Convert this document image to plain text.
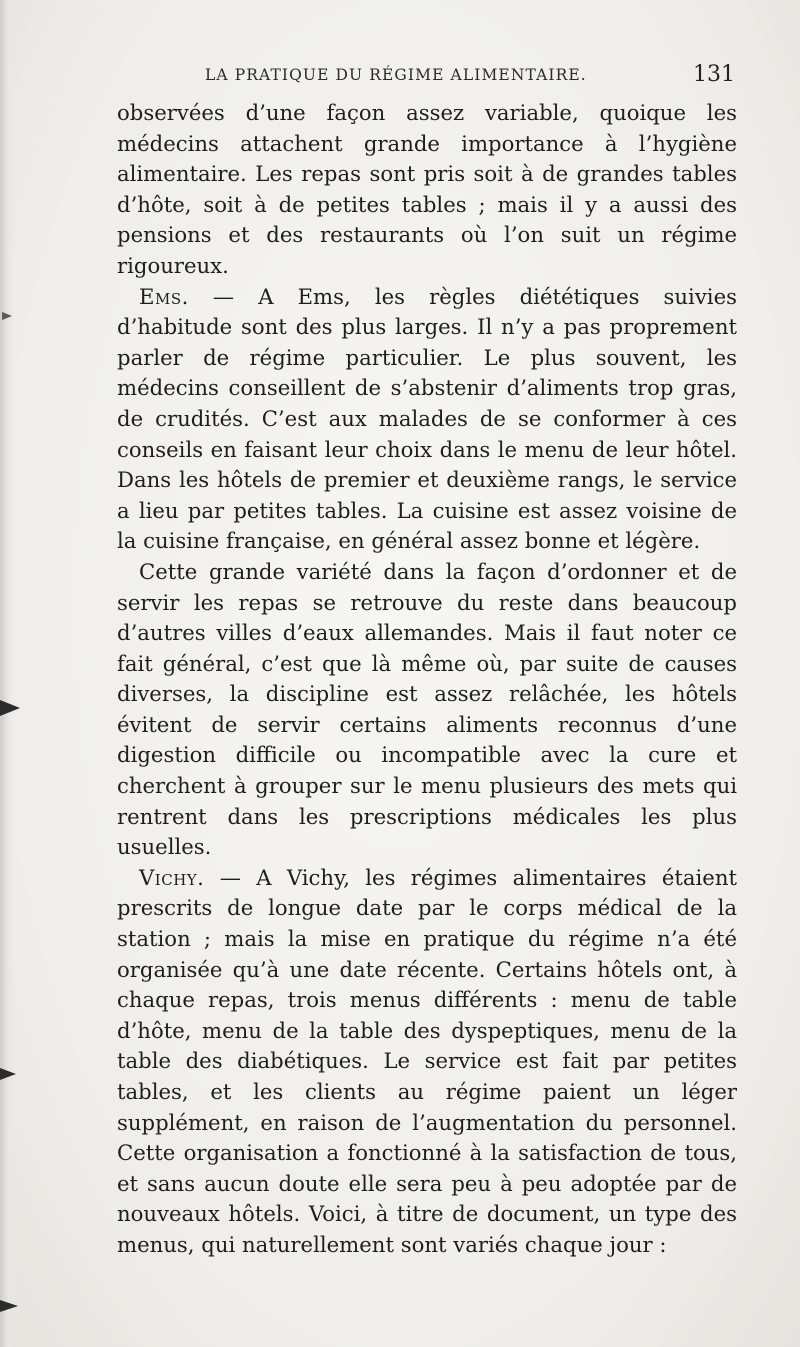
LA PRATIQUE DU RÉGIME ALIMENTAIRE.	131

observées d’une façon assez variable, quoique les médecins attachent grande importance à l’hygiène alimentaire. Les repas sont pris soit à de grandes tables d’hôte, soit à de petites tables ; mais il y a aussi des pensions et des restaurants où l’on suit un régime rigoureux.

Ems. — A Ems, les règles diététiques suivies d’habitude sont des plus larges. Il n’y a pas proprement parler de régime particulier. Le plus souvent, les médecins conseillent de s’abstenir d’aliments trop gras, de crudités. C’est aux malades de se conformer à ces conseils en faisant leur choix dans le menu de leur hôtel. Dans les hôtels de premier et deuxième rangs, le service a lieu par petites tables. La cuisine est assez voisine de la cuisine française, en général assez bonne et légère.

Cette grande variété dans la façon d’ordonner et de servir les repas se retrouve du reste dans beaucoup d’autres villes d’eaux allemandes. Mais il faut noter ce fait général, c’est que là même où, par suite de causes diverses, la discipline est assez relâchée, les hôtels évitent de servir certains aliments reconnus d’une digestion difficile ou incompatible avec la cure et cherchent à grouper sur le menu plusieurs des mets qui rentrent dans les prescriptions médicales les plus usuelles.

Vichy. — A Vichy, les régimes alimentaires étaient prescrits de longue date par le corps médical de la station ; mais la mise en pratique du régime n’a été organisée qu’à une date récente. Certains hôtels ont, à chaque repas, trois menus différents : menu de table d’hôte, menu de la table des dyspeptiques, menu de la table des diabétiques. Le service est fait par petites tables, et les clients au régime paient un léger supplément, en raison de l’augmentation du personnel. Cette organisation a fonctionné à la satisfaction de tous, et sans aucun doute elle sera peu à peu adoptée par de nouveaux hôtels. Voici, à titre de document, un type des menus, qui naturellement sont variés chaque jour :
